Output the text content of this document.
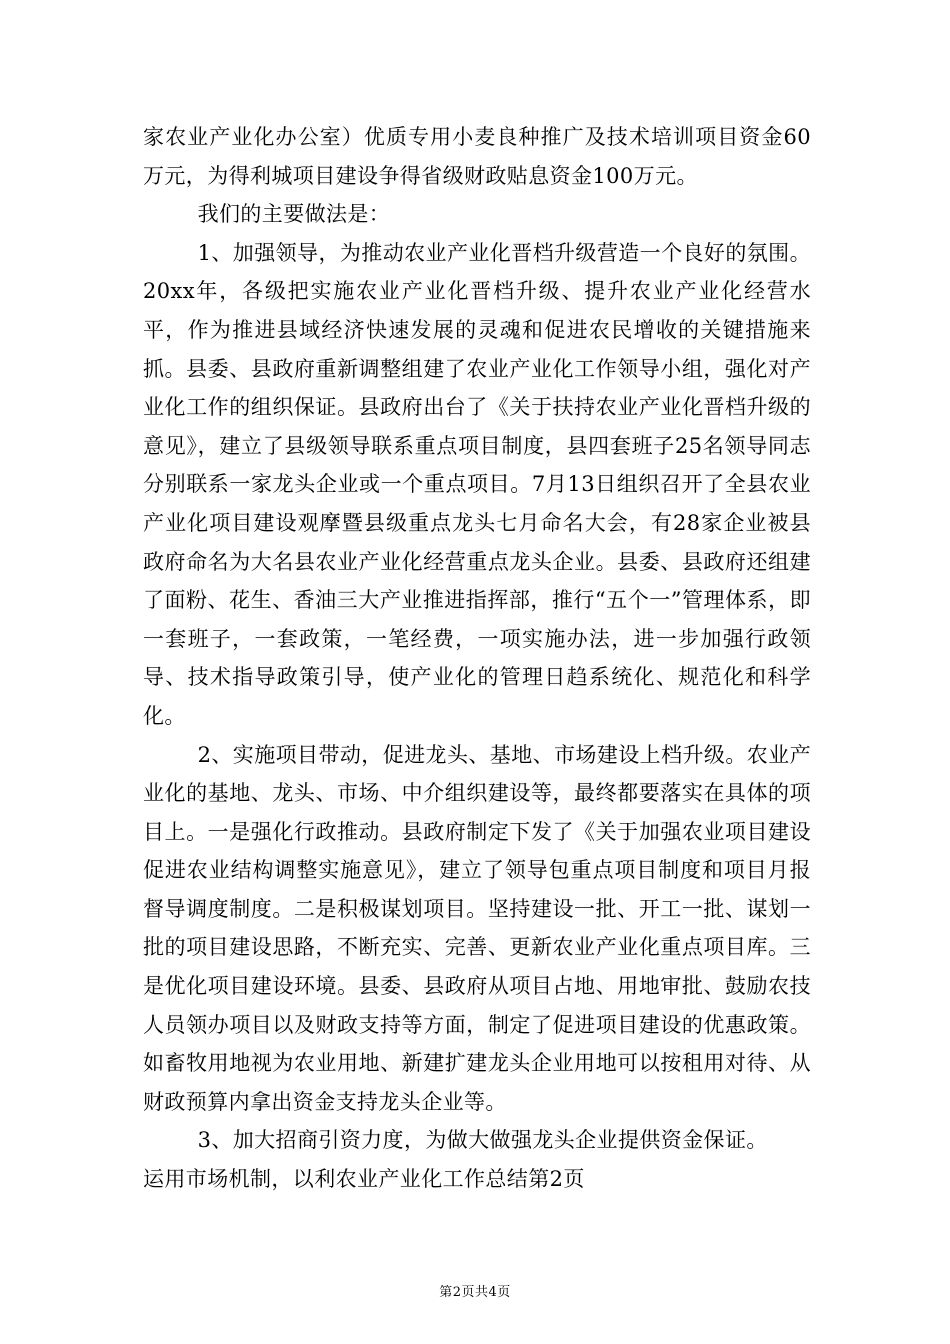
家农业产业化办公室）优质专用小麦良种推广及技术培训项目资金60万元，为得利城项目建设争得省级财政贴息资金100万元。

我们的主要做法是：

1、加强领导，为推动农业产业化晋档升级营造一个良好的氛围。20xx年，各级把实施农业产业化晋档升级、提升农业产业化经营水平，作为推进县域经济快速发展的灵魂和促进农民增收的关键措施来抓。县委、县政府重新调整组建了农业产业化工作领导小组，强化对产业化工作的组织保证。县政府出台了《关于扶持农业产业化晋档升级的意见》，建立了县级领导联系重点项目制度，县四套班子25名领导同志分别联系一家龙头企业或一个重点项目。7月13日组织召开了全县农业产业化项目建设观摩暨县级重点龙头七月命名大会，有28家企业被县政府命名为大名县农业产业化经营重点龙头企业。县委、县政府还组建了面粉、花生、香油三大产业推进指挥部，推行“五个一”管理体系，即一套班子，一套政策，一笔经费，一项实施办法，进一步加强行政领导、技术指导政策引导，使产业化的管理日趋系统化、规范化和科学化。

2、实施项目带动，促进龙头、基地、市场建设上档升级。农业产业化的基地、龙头、市场、中介组织建设等，最终都要落实在具体的项目上。一是强化行政推动。县政府制定下发了《关于加强农业项目建设促进农业结构调整实施意见》，建立了领导包重点项目制度和项目月报督导调度制度。二是积极谋划项目。坚持建设一批、开工一批、谋划一批的项目建设思路，不断充实、完善、更新农业产业化重点项目库。三是优化项目建设环境。县委、县政府从项目占地、用地审批、鼓励农技人员领办项目以及财政支持等方面，制定了促进项目建设的优惠政策。如畜牧用地视为农业用地、新建扩建龙头企业用地可以按租用对待、从财政预算内拿出资金支持龙头企业等。

3、加大招商引资力度，为做大做强龙头企业提供资金保证。

运用市场机制，以利农业产业化工作总结第2页

第2页共4页
